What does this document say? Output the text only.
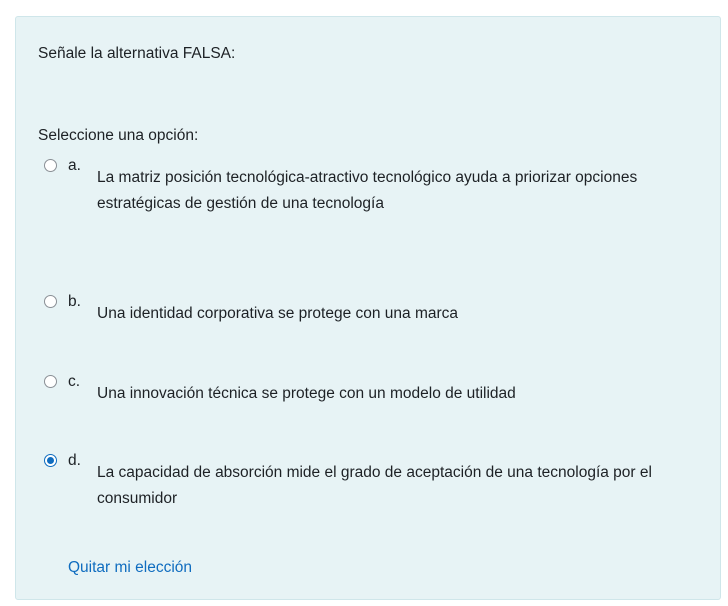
Señale la alternativa FALSA:

Seleccione una opción:

a.
La matriz posición tecnológica-atractivo tecnológico ayuda a priorizar opciones estratégicas de gestión de una tecnología
b.
Una identidad corporativa se protege con una marca
c.
Una innovación técnica se protege con un modelo de utilidad
d.
La capacidad de absorción mide el grado de aceptación de una tecnología por el consumidor
Quitar mi elección
